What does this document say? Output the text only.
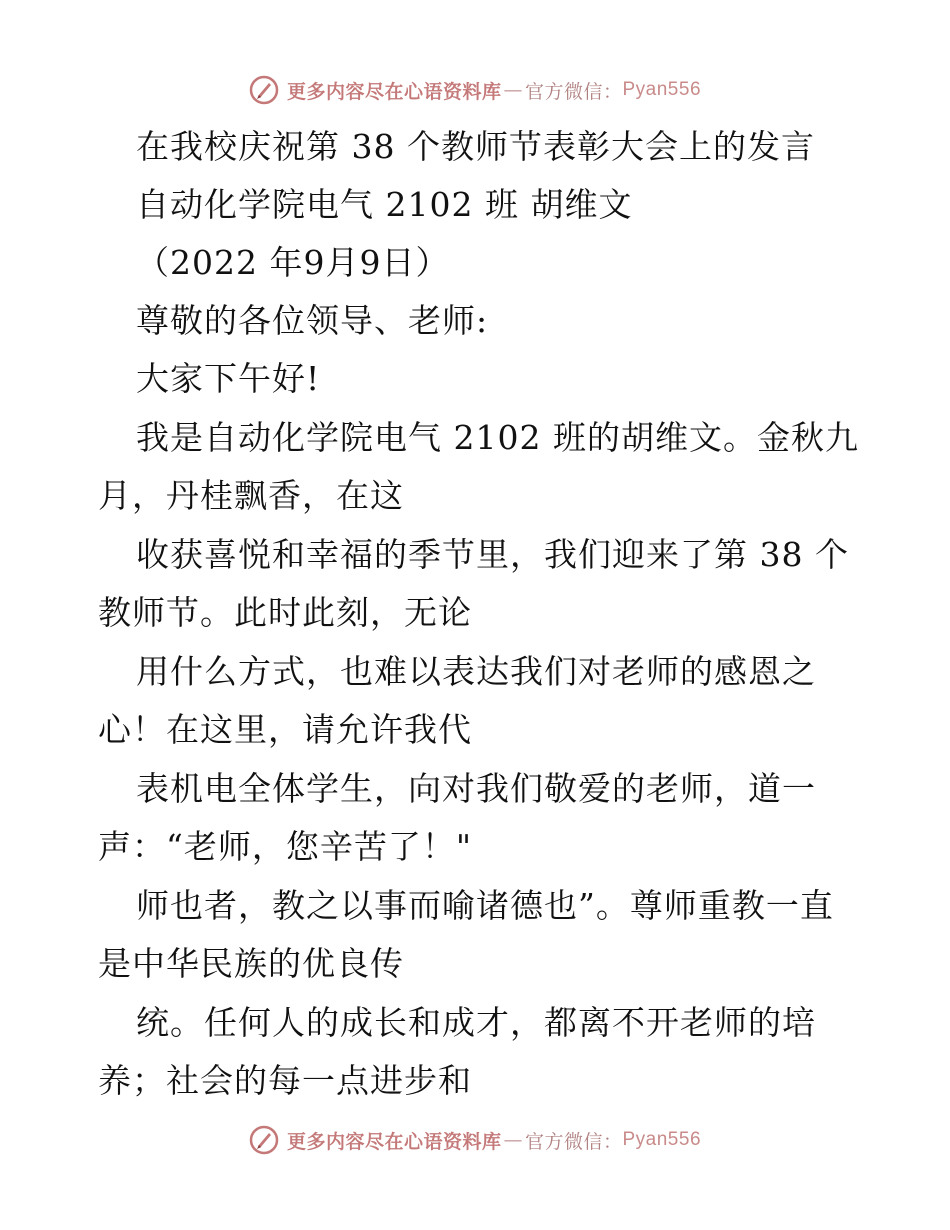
更多内容尽在心语资料库 — 官方微信： Pyan556
在我校庆祝第 38 个教师节表彰大会上的发言
自动化学院电气 2102 班 胡维文
（2022 年9月9日）
尊敬的各位领导、老师:
大家下午好!
我是自动化学院电气 2102 班的胡维文。金秋九
月，丹桂飘香，在这
收获喜悦和幸福的季节里，我们迎来了第 38 个
教师节。此时此刻，无论
用什么方式，也难以表达我们对老师的感恩之
心！在这里，请允许我代
表机电全体学生，向对我们敬爱的老师，道一
声：“老师，您辛苦了！"
师也者，教之以事而喻诸德也”。尊师重教一直
是中华民族的优良传
统。任何人的成长和成才，都离不开老师的培
养；社会的每一点进步和
更多内容尽在心语资料库 — 官方微信： Pyan556
